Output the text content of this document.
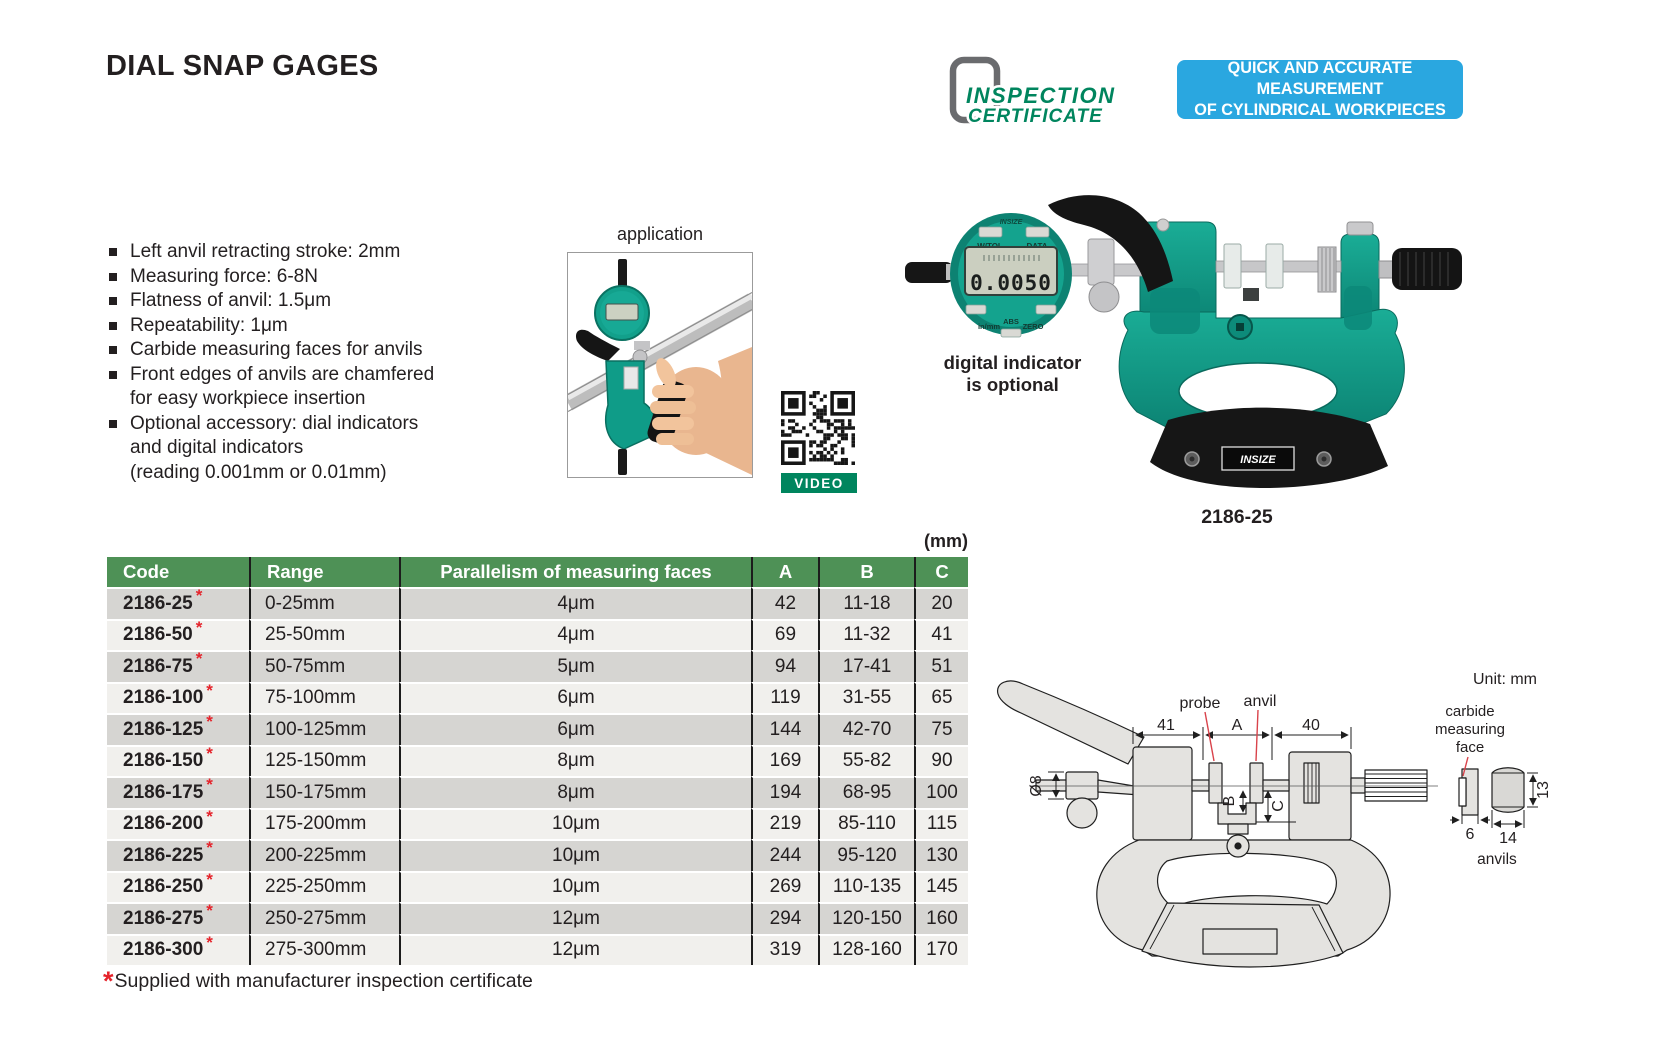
DIAL SNAP GAGES
INSPECTION
CERTIFICATE
QUICK AND ACCURATE MEASUREMENT
OF CYLINDRICAL WORKPIECES
Left anvil retracting stroke: 2mm
Measuring force: 6-8N
Flatness of anvil: 1.5μm
Repeatability: 1μm
Carbide measuring faces for anvils
Front edges of anvils are chamfered
for easy workpiece insertion
Optional accessory: dial indicators
and digital indicators
(reading 0.001mm or 0.01mm)
application
VIDEO
INSIZE
INSIZE
0.0050
in/mm
ABS
ZERO
digital indicator
is optional
2186-25
(mm)
Code	Range	Parallelism of measuring faces	A	B	C
2186-25 *	0-25mm	4μm	42	11-18	20
2186-50 *	25-50mm	4μm	69	11-32	41
2186-75 *	50-75mm	5μm	94	17-41	51
2186-100 *	75-100mm	6μm	119	31-55	65
2186-125 *	100-125mm	6μm	144	42-70	75
2186-150 *	125-150mm	8μm	169	55-82	90
2186-175 *	150-175mm	8μm	194	68-95	100
2186-200 *	175-200mm	10μm	219	85-110	115
2186-225 *	200-225mm	10μm	244	95-120	130
2186-250 *	225-250mm	10μm	269	110-135	145
2186-275 *	250-275mm	12μm	294	120-150	160
2186-300 *	275-300mm	12μm	319	128-160	170
*Supplied with manufacturer inspection certificate
probe anvil
41	A	40
Ø8
B C
Unit: mm
carbide
measuring
face
6 14
13
anvils
